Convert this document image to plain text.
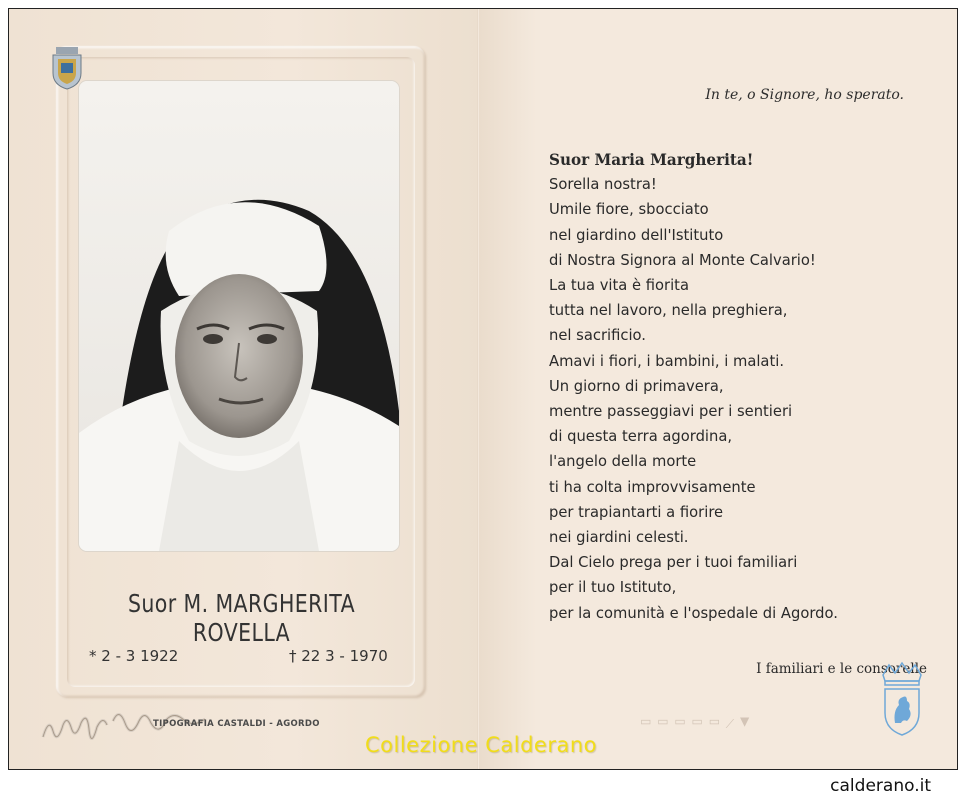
Suor M. MARGHERITA ROVELLA
* 2 - 3 1922	† 22 3 - 1970
TIPOGRAFIA CASTALDI - AGORDO
In te, o Signore, ho sperato.
Suor Maria Margherita!
Sorella nostra!
Umile fiore, sbocciato
nel giardino dell'Istituto
di Nostra Signora al Monte Calvario!
La tua vita è fiorita
tutta nel lavoro, nella preghiera,
nel sacrificio.
Amavi i fiori, i bambini, i malati.
Un giorno di primavera,
mentre passeggiavi per i sentieri
di questa terra agordina,
l'angelo della morte
ti ha colta improvvisamente
per trapiantarti a fiorire
nei giardini celesti.
Dal Cielo prega per i tuoi familiari
per il tuo Istituto,
per la comunità e l'ospedale di Agordo.
I familiari e le consorelle
▲ ⟋ ▭ ▭ ▭ ▭ ▭
Collezione Calderano
calderano.it
